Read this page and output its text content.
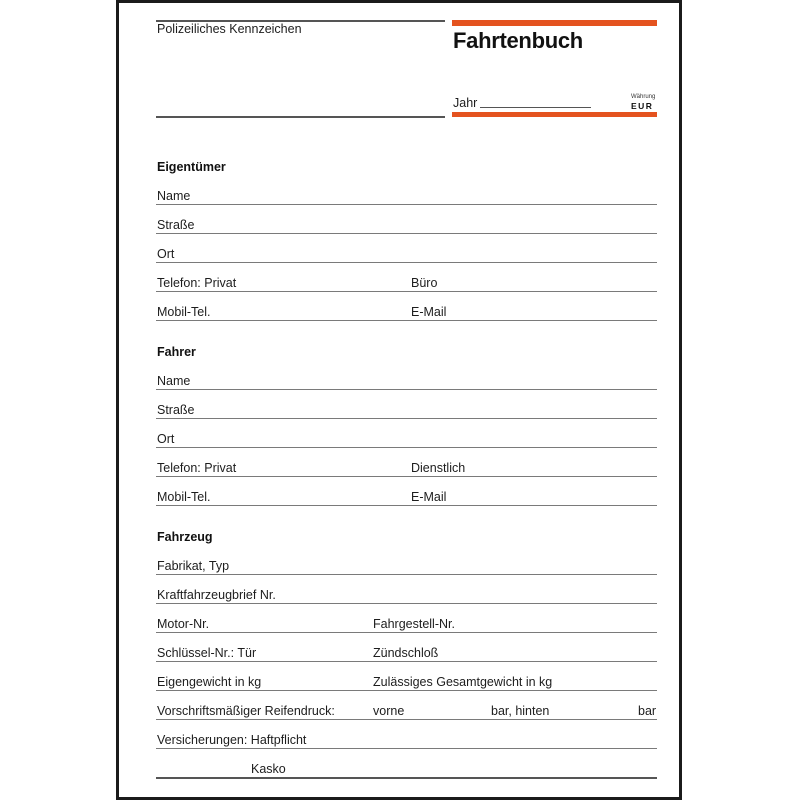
Polizeiliches Kennzeichen	Fahrtenbuch
Jahr	Währung
EUR
Eigentümer
Name
Straße
Ort
Telefon: Privat	Büro
Mobil-Tel.	E-Mail
Fahrer
Name
Straße
Ort
Telefon: Privat	Dienstlich
Mobil-Tel.	E-Mail
Fahrzeug
Fabrikat, Typ
Kraftfahrzeugbrief Nr.
Motor-Nr.	Fahrgestell-Nr.
Schlüssel-Nr.: Tür	Zündschloß
Eigengewicht in kg	Zulässiges Gesamtgewicht in kg
Vorschriftsmäßiger Reifendruck:	vorne	bar, hinten	bar
Versicherungen: Haftpflicht
Kasko
